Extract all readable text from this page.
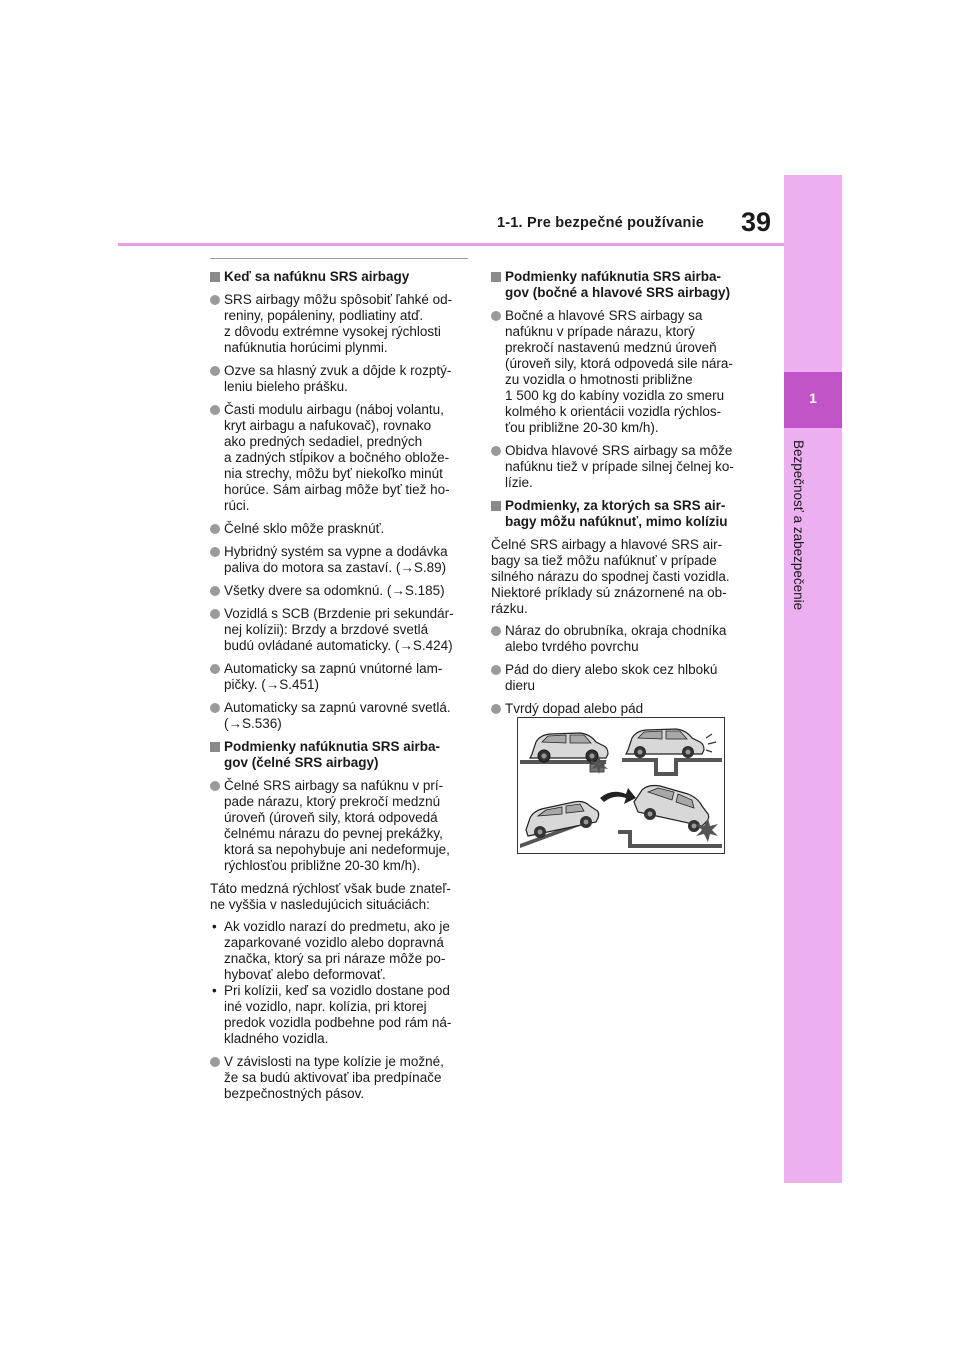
1-1. Pre bezpečné používanie 39
1
Bezpečnosť a zabezpečenie
Keď sa nafúknu SRS airbagy
SRS airbagy môžu spôsobiť ľahké od-
reniny, popáleniny, podliatiny atď.
z dôvodu extrémne vysokej rýchlosti
nafúknutia horúcimi plynmi.
Ozve sa hlasný zvuk a dôjde k rozptý-
leniu bieleho prášku.
Časti modulu airbagu (náboj volantu,
kryt airbagu a nafukovač), rovnako
ako predných sedadiel, predných
a zadných stĺpikov a bočného oblože-
nia strechy, môžu byť niekoľko minút
horúce. Sám airbag môže byť tiež ho-
rúci.
Čelné sklo môže prasknúť.
Hybridný systém sa vypne a dodávka
paliva do motora sa zastaví. (→S.89)
Všetky dvere sa odomknú. (→S.185)
Vozidlá s SCB (Brzdenie pri sekundár-
nej kolízii): Brzdy a brzdové svetlá
budú ovládané automaticky. (→S.424)
Automaticky sa zapnú vnútorné lam-
pičky. (→S.451)
Automaticky sa zapnú varovné svetlá.
(→S.536)
Podmienky nafúknutia SRS airba-
gov (čelné SRS airbagy)
Čelné SRS airbagy sa nafúknu v prí-
pade nárazu, ktorý prekročí medznú
úroveň (úroveň sily, ktorá odpovedá
čelnému nárazu do pevnej prekážky,
ktorá sa nepohybuje ani nedeformuje,
rýchlosťou približne 20-30 km/h).
Táto medzná rýchlosť však bude znateľ-
ne vyššia v nasledujúcich situáciách:
• Ak vozidlo narazí do predmetu, ako je
zaparkované vozidlo alebo dopravná
značka, ktorý sa pri náraze môže po-
hybovať alebo deformovať.
• Pri kolízii, keď sa vozidlo dostane pod
iné vozidlo, napr. kolízia, pri ktorej
predok vozidla podbehne pod rám ná-
kladného vozidla.
V závislosti na type kolízie je možné,
že sa budú aktivovať iba predpínače
bezpečnostných pásov.
Podmienky nafúknutia SRS airba-
gov (bočné a hlavové SRS airbagy)
Bočné a hlavové SRS airbagy sa
nafúknu v prípade nárazu, ktorý
prekročí nastavenú medznú úroveň
(úroveň sily, ktorá odpovedá sile nára-
zu vozidla o hmotnosti približne
1 500 kg do kabíny vozidla zo smeru
kolmého k orientácii vozidla rýchlos-
ťou približne 20-30 km/h).
Obidva hlavové SRS airbagy sa môže
nafúknu tiež v prípade silnej čelnej ko-
lízie.
Podmienky, za ktorých sa SRS air-
bagy môžu nafúknuť, mimo kolíziu
Čelné SRS airbagy a hlavové SRS air-
bagy sa tiež môžu nafúknuť v prípade
silného nárazu do spodnej časti vozidla.
Niektoré príklady sú znázornené na ob-
rázku.
Náraz do obrubníka, okraja chodníka
alebo tvrdého povrchu
Pád do diery alebo skok cez hlbokú
dieru
Tvrdý dopad alebo pád
